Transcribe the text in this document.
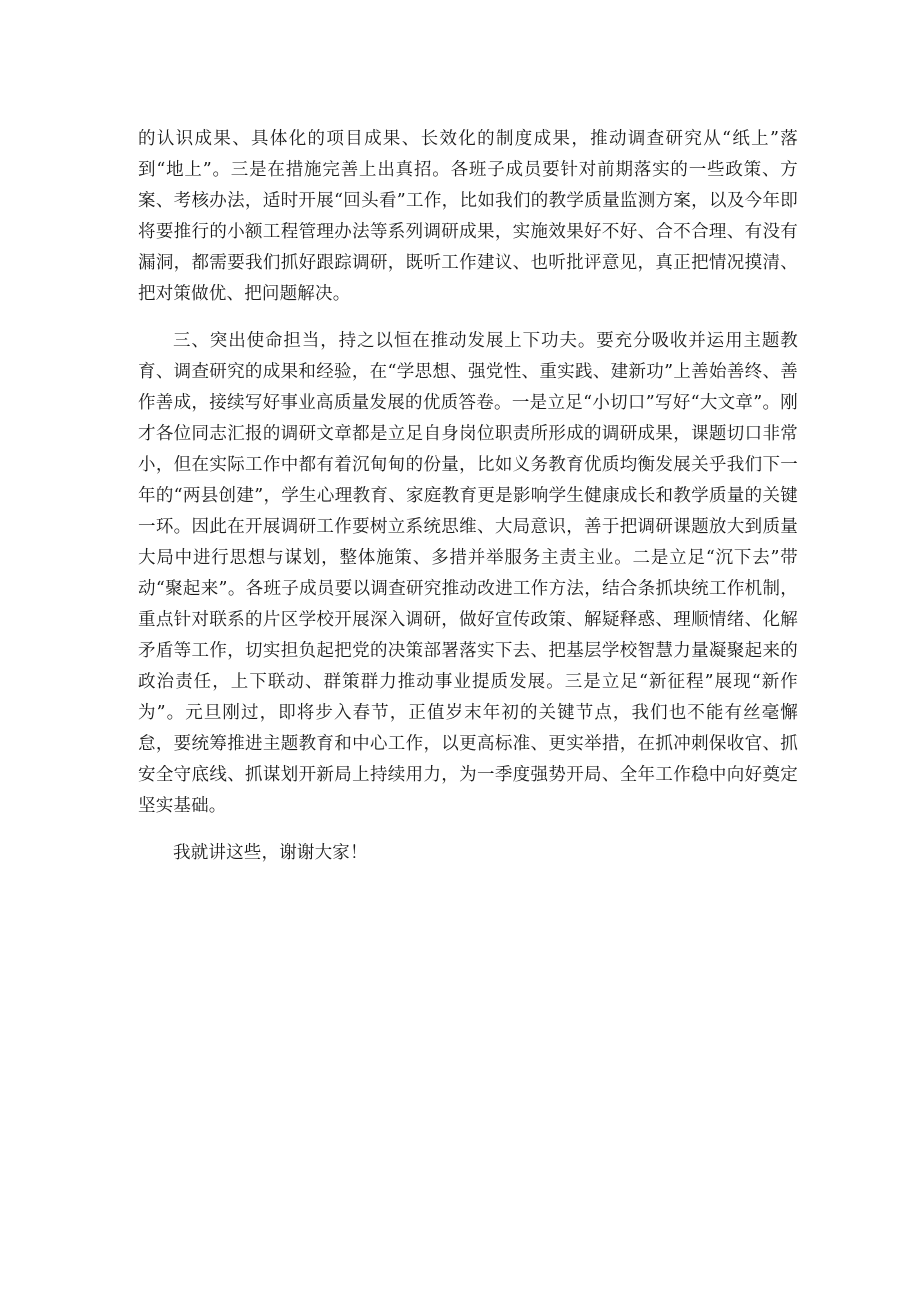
的认识成果、具体化的项目成果、长效化的制度成果，推动调查研究从“纸上”落到“地上”。三是在措施完善上出真招。各班子成员要针对前期落实的一些政策、方案、考核办法，适时开展“回头看”工作，比如我们的教学质量监测方案，以及今年即将要推行的小额工程管理办法等系列调研成果，实施效果好不好、合不合理、有没有漏洞，都需要我们抓好跟踪调研，既听工作建议、也听批评意见，真正把情况摸清、把对策做优、把问题解决。

三、突出使命担当，持之以恒在推动发展上下功夫。要充分吸收并运用主题教育、调查研究的成果和经验，在“学思想、强党性、重实践、建新功”上善始善终、善作善成，接续写好事业高质量发展的优质答卷。一是立足“小切口”写好“大文章”。刚才各位同志汇报的调研文章都是立足自身岗位职责所形成的调研成果，课题切口非常小，但在实际工作中都有着沉甸甸的份量，比如义务教育优质均衡发展关乎我们下一年的“两县创建”，学生心理教育、家庭教育更是影响学生健康成长和教学质量的关键一环。因此在开展调研工作要树立系统思维、大局意识，善于把调研课题放大到质量大局中进行思想与谋划，整体施策、多措并举服务主责主业。二是立足“沉下去”带动“聚起来”。各班子成员要以调查研究推动改进工作方法，结合条抓块统工作机制，重点针对联系的片区学校开展深入调研，做好宣传政策、解疑释惑、理顺情绪、化解矛盾等工作，切实担负起把党的决策部署落实下去、把基层学校智慧力量凝聚起来的政治责任，上下联动、群策群力推动事业提质发展。三是立足“新征程”展现“新作为”。元旦刚过，即将步入春节，正值岁末年初的关键节点，我们也不能有丝毫懈怠，要统筹推进主题教育和中心工作，以更高标准、更实举措，在抓冲刺保收官、抓安全守底线、抓谋划开新局上持续用力，为一季度强势开局、全年工作稳中向好奠定坚实基础。

我就讲这些，谢谢大家！
